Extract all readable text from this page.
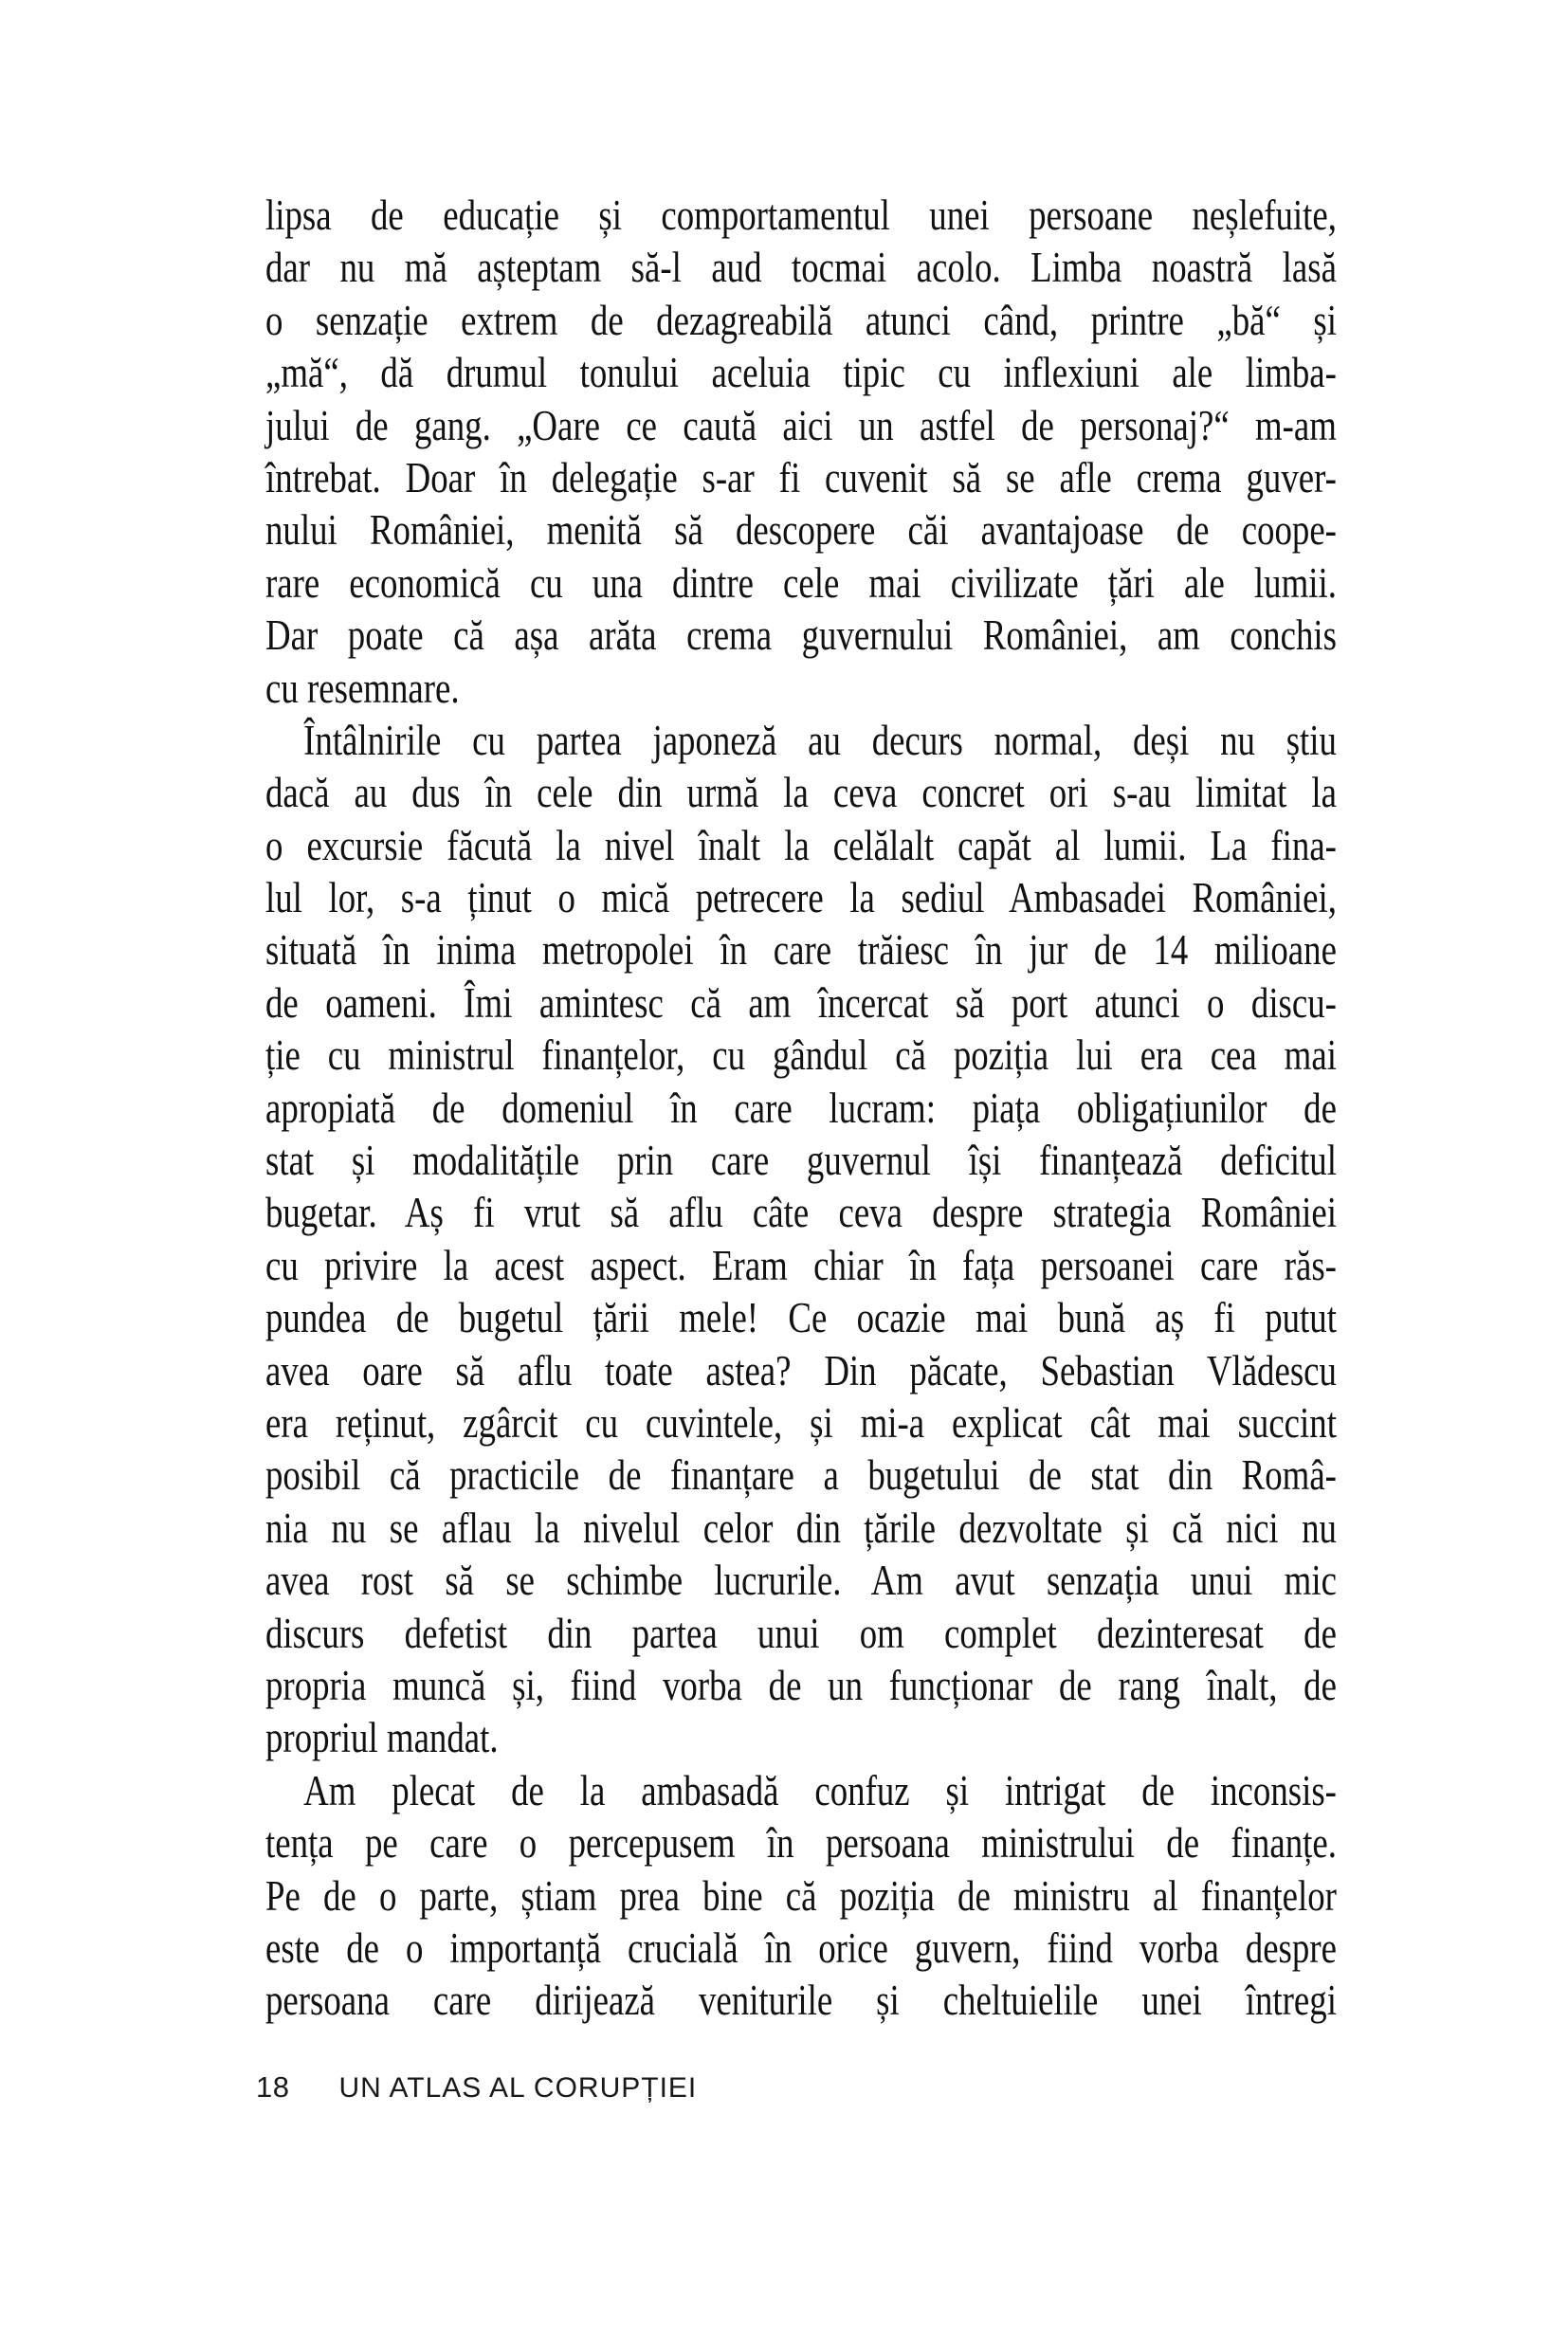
lipsa de educație și comportamentul unei persoane neșlefuite,
dar nu mă așteptam să-l aud tocmai acolo. Limba noastră lasă
o senzație extrem de dezagreabilă atunci când, printre „bă“ și
„mă“, dă drumul tonului aceluia tipic cu inflexiuni ale limba-
jului de gang. „Oare ce caută aici un astfel de personaj?“ m-am
întrebat. Doar în delegație s-ar fi cuvenit să se afle crema guver-
nului României, menită să descopere căi avantajoase de coope-
rare economică cu una dintre cele mai civilizate țări ale lumii.
Dar poate că așa arăta crema guvernului României, am conchis
cu resemnare.
Întâlnirile cu partea japoneză au decurs normal, deși nu știu
dacă au dus în cele din urmă la ceva concret ori s-au limitat la
o excursie făcută la nivel înalt la celălalt capăt al lumii. La fina-
lul lor, s-a ținut o mică petrecere la sediul Ambasadei României,
situată în inima metropolei în care trăiesc în jur de 14 milioane
de oameni. Îmi amintesc că am încercat să port atunci o discu-
ție cu ministrul finanțelor, cu gândul că poziția lui era cea mai
apropiată de domeniul în care lucram: piața obligațiunilor de
stat și modalitățile prin care guvernul își finanțează deficitul
bugetar. Aș fi vrut să aflu câte ceva despre strategia României
cu privire la acest aspect. Eram chiar în fața persoanei care răs-
pundea de bugetul țării mele! Ce ocazie mai bună aș fi putut
avea oare să aflu toate astea? Din păcate, Sebastian Vlădescu
era reținut, zgârcit cu cuvintele, și mi-a explicat cât mai succint
posibil că practicile de finanțare a bugetului de stat din Româ-
nia nu se aflau la nivelul celor din țările dezvoltate și că nici nu
avea rost să se schimbe lucrurile. Am avut senzația unui mic
discurs defetist din partea unui om complet dezinteresat de
propria muncă și, fiind vorba de un funcționar de rang înalt, de
propriul mandat.
Am plecat de la ambasadă confuz și intrigat de inconsis-
tența pe care o percepusem în persoana ministrului de finanțe.
Pe de o parte, știam prea bine că poziția de ministru al finanțelor
este de o importanță crucială în orice guvern, fiind vorba despre
persoana care dirijează veniturile și cheltuielile unei întregi
18 UN ATLAS AL CORUPȚIEI
